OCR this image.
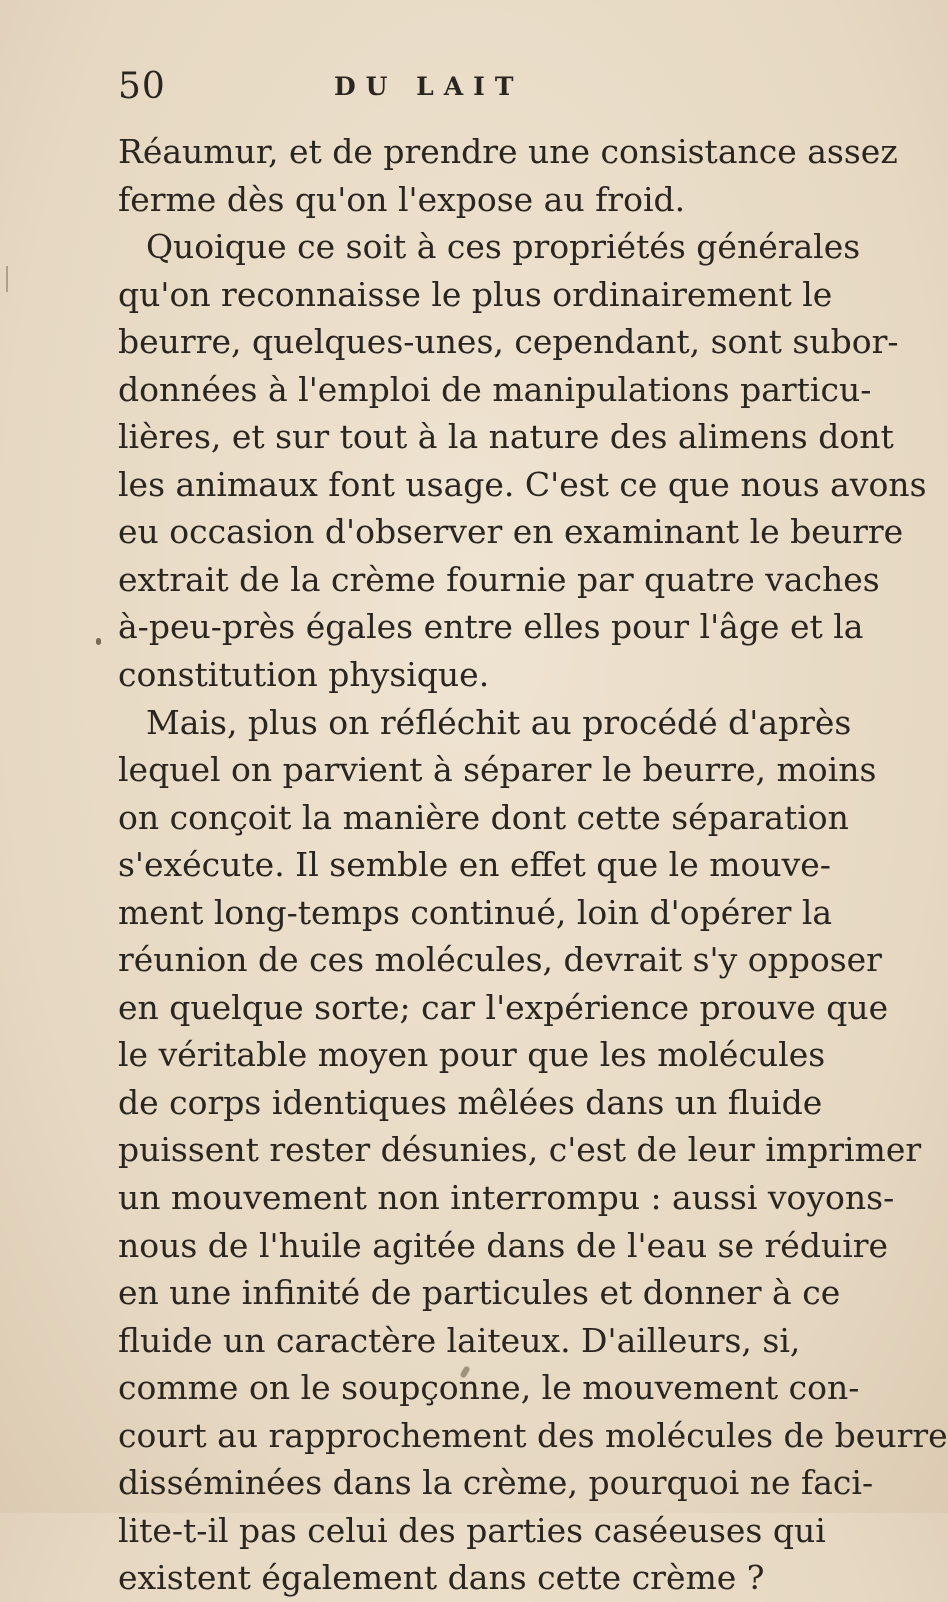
50	DU LAIT
Réaumur, et de prendre une consistance assez
ferme dès qu'on l'expose au froid.
Quoique ce soit à ces propriétés générales
qu'on reconnaisse le plus ordinairement le
beurre, quelques-unes, cependant, sont subor-
données à l'emploi de manipulations particu-
lières, et sur tout à la nature des alimens dont
les animaux font usage. C'est ce que nous avons
eu occasion d'observer en examinant le beurre
extrait de la crème fournie par quatre vaches
à-peu-près égales entre elles pour l'âge et la
constitution physique.
Mais, plus on réfléchit au procédé d'après
lequel on parvient à séparer le beurre, moins
on conçoit la manière dont cette séparation
s'exécute. Il semble en effet que le mouve-
ment long-temps continué, loin d'opérer la
réunion de ces molécules, devrait s'y opposer
en quelque sorte; car l'expérience prouve que
le véritable moyen pour que les molécules
de corps identiques mêlées dans un fluide
puissent rester désunies, c'est de leur imprimer
un mouvement non interrompu : aussi voyons-
nous de l'huile agitée dans de l'eau se réduire
en une infinité de particules et donner à ce
fluide un caractère laiteux. D'ailleurs, si,
comme on le soupçonne, le mouvement con-
court au rapprochement des molécules de beurre
disséminées dans la crème, pourquoi ne faci-
lite-t-il pas celui des parties caséeuses qui
existent également dans cette crème ?
